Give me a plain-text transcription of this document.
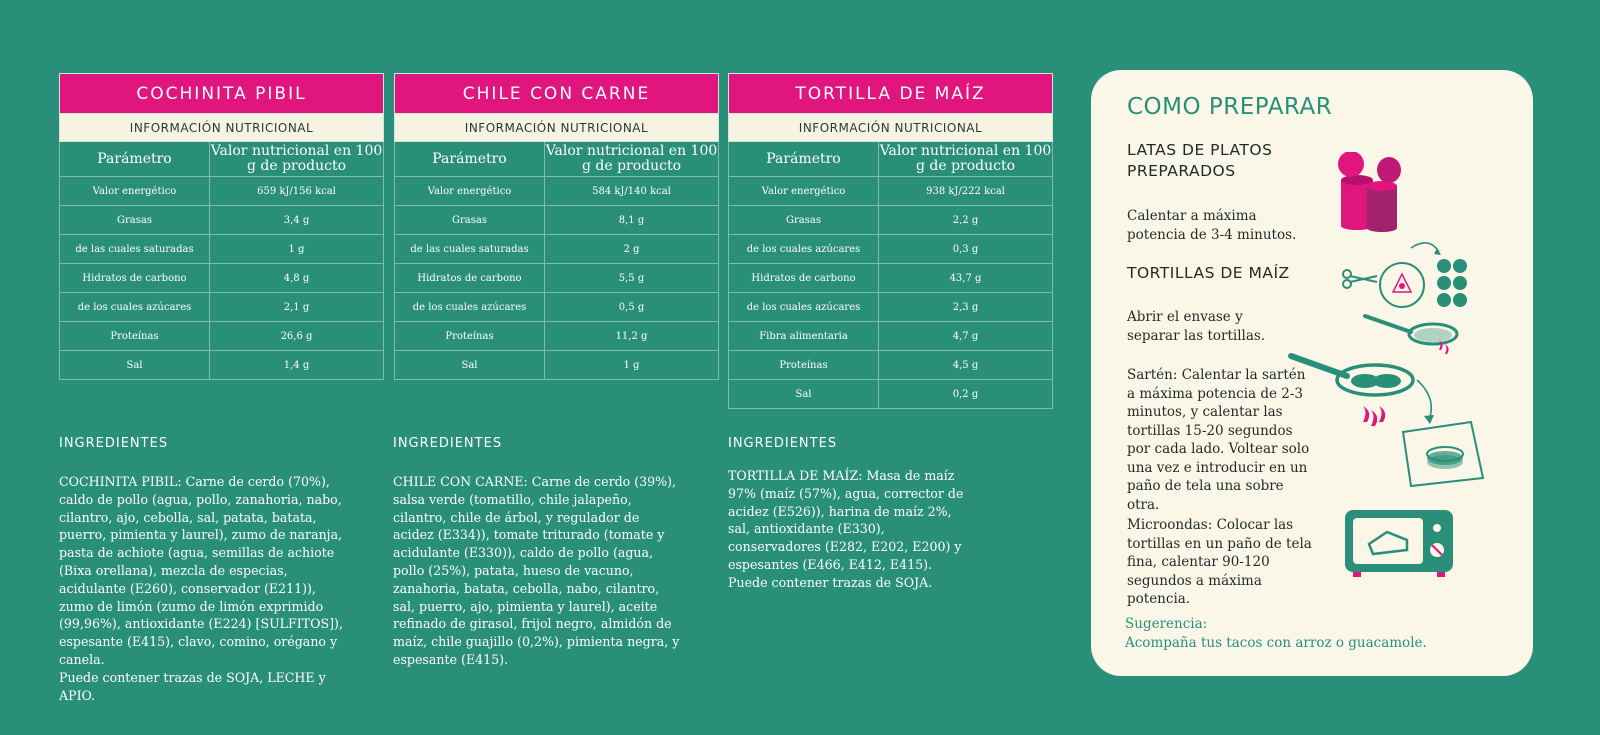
COCHINITA PIBIL	
INFORMACIÓN NUTRICIONAL	
Parámetro	Valor nutricional en 100 g de producto
Valor energético	659 kJ/156 kcal
Grasas	3,4 g
de las cuales saturadas	1 g
Hidratos de carbono	4,8 g
de los cuales azúcares	2,1 g
Proteínas	26,6 g
Sal	1,4 g
CHILE CON CARNE	
INFORMACIÓN NUTRICIONAL	
Parámetro	Valor nutricional en 100 g de producto
Valor energético	584 kJ/140 kcal
Grasas	8,1 g
de las cuales saturadas	2 g
Hidratos de carbono	5,5 g
de los cuales azúcares	0,5 g
Proteínas	11,2 g
Sal	1 g
TORTILLA DE MAÍZ	
INFORMACIÓN NUTRICIONAL	
Parámetro	Valor nutricional en 100 g de producto
Valor energético	938 kJ/222 kcal
Grasas	2,2 g
de los cuales azúcares	0,3 g
Hidratos de carbono	43,7 g
de los cuales azúcares	2,3 g
Fibra alimentaria	4,7 g
Proteínas	4,5 g
Sal	0,2 g
INGREDIENTES

COCHINITA PIBIL: Carne de cerdo (70%), caldo de pollo (agua, pollo, zanahoria, nabo, cilantro, ajo, cebolla, sal, patata, batata, puerro, pimienta y laurel), zumo de naranja, pasta de achiote (agua, semillas de achiote (Bixa orellana), mezcla de especias, acidulante (E260), conservador (E211)), zumo de limón (zumo de limón exprimido (99,96%), antioxidante (E224) [SULFITOS]), espesante (E415), clavo, comino, orégano y canela.

Puede contener trazas de SOJA, LECHE y APIO.

INGREDIENTES

CHILE CON CARNE: Carne de cerdo (39%), salsa verde (tomatillo, chile jalapeño, cilantro, chile de árbol, y regulador de acidez (E334)), tomate triturado (tomate y acidulante (E330)), caldo de pollo (agua, pollo (25%), patata, hueso de vacuno, zanahoria, batata, cebolla, nabo, cilantro, sal, puerro, ajo, pimienta y laurel), aceite refinado de girasol, frijol negro, almidón de maíz, chile guajillo (0,2%), pimienta negra, y espesante (E415).

INGREDIENTES

TORTILLA DE MAÍZ: Masa de maíz 97% (maíz (57%), agua, corrector de acidez (E526)), harina de maíz 2%, sal, antioxidante (E330), conservadores (E282, E202, E200) y espesantes (E466, E412, E415).

Puede contener trazas de SOJA.

COMO PREPARAR
LATAS DE PLATOS PREPARADOS
Calentar a máxima potencia de 3-4 minutos.
TORTILLAS DE MAÍZ
Abrir el envase y separar las tortillas.
Sartén: Calentar la sartén a máxima potencia de 2-3 minutos, y calentar las tortillas 15-20 segundos por cada lado. Voltear solo una vez e introducir en un paño de tela una sobre otra.
Microondas: Colocar las tortillas en un paño de tela fina, calentar 90-120 segundos a máxima potencia.
Sugerencia:
Acompaña tus tacos con arroz o guacamole.
